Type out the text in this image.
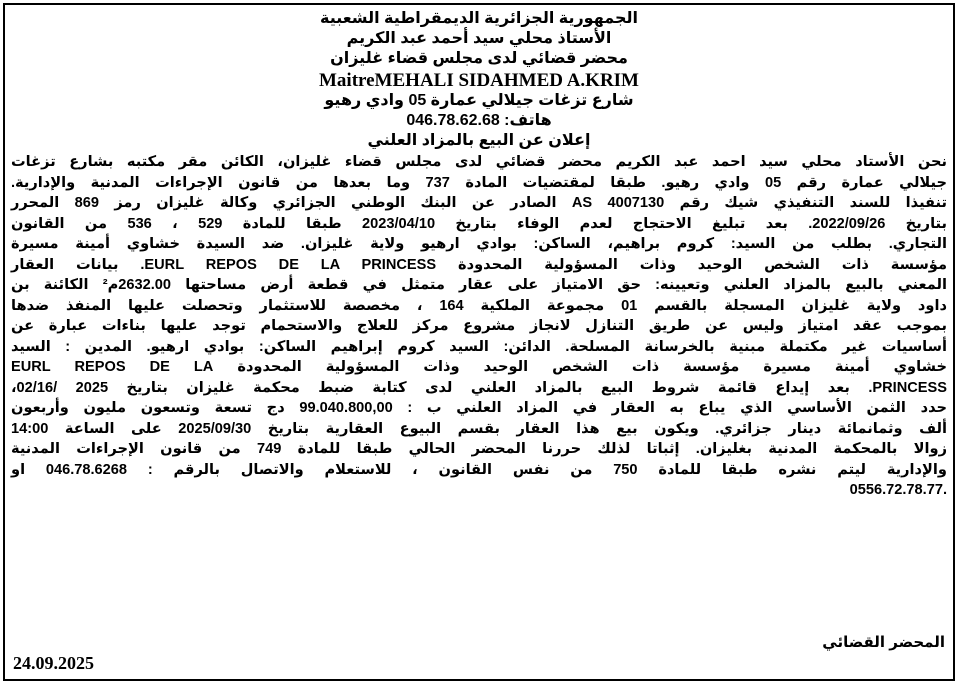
الجمهورية الجزائرية الديمقراطية الشعبية
الأستاذ محلي سيد أحمد عبد الكريم
محضر قضائي لدى مجلس قضاء غليزان
MaitreMEHALI SIDAHMED A.KRIM
شارع تزغات جيلالي عمارة 05 وادي رهيو
هاتف: 046.78.62.68
إعلان عن البيع بالمزاد العلني
نحن الأستاد محلي سيد احمد عبد الكريم محضر قضائي لدى مجلس قضاء غليزان، الكائن مقر مكتبه بشارع تزغات
جيلالي عمارة رقم 05 وادي رهيو. طبقا لمقتضيات المادة 737 وما بعدها من قانون الإجراءات المدنية والإدارية.
تنفيذا للسند التنفيذي شيك رقم AS 4007130 الصادر عن البنك الوطني الجزائري وكالة غليزان رمز 869 المحرر
بتاريخ 2022/09/26. بعد تبليغ الاحتجاج لعدم الوفاء بتاريخ 2023/04/10 طبقا للمادة 529 ، 536 من القانون
التجاري. بطلب من السيد: كروم براهيم، الساكن: بوادي ارهيو ولاية غليزان. ضد السيدة خشاوي أمينة مسيرة
مؤسسة ذات الشخص الوحيد وذات المسؤولية المحدودة EURL REPOS DE LA PRINCESS. بيانات العقار
المعني بالبيع بالمزاد العلني وتعيينه: حق الامتياز على عقار متمثل في قطعة أرض مساحتها 2632.00م² الكائنة بن
داود ولاية غليزان المسجلة بالقسم 01 مجموعة الملكية 164 ، مخصصة للاستثمار وتحصلت عليها المنفذ ضدها
بموجب عقد امتياز وليس عن طريق التنازل لانجاز مشروع مركز للعلاج والاستحمام توجد عليها بناءات عبارة عن
أساسيات غير مكتملة مبنية بالخرسانة المسلحة. الدائن: السيد كروم إبراهيم الساكن: بوادي ارهيو. المدين : السيد
خشاوي أمينة مسيرة مؤسسة ذات الشخص الوحيد وذات المسؤولية المحدودة EURL REPOS DE LA
PRINCESS. بعد إيداع قائمة شروط البيع بالمزاد العلني لدى كتابة ضبط محكمة غليزان بتاريخ 2025 /02/16،
حدد الثمن الأساسي الذي يباع به العقار في المزاد العلني ب : 99.040.800,00 دج تسعة وتسعون مليون وأربعون
ألف وثمانمائة دينار جزائري. ويكون بيع هذا العقار بقسم البيوع العقارية بتاريخ 2025/09/30 على الساعة 14:00
زوالا بالمحكمة المدنية بغليزان. إثباتا لذلك حررنا المحضر الحالي طبقا للمادة 749 من قانون الإجراءات المدنية
والإدارية ليتم نشره طبقا للمادة 750 من نفس القانون ، للاستعلام والاتصال بالرقم : 046.78.6268 او
.0556.72.78.77
المحضر القضائي
24.09.2025
